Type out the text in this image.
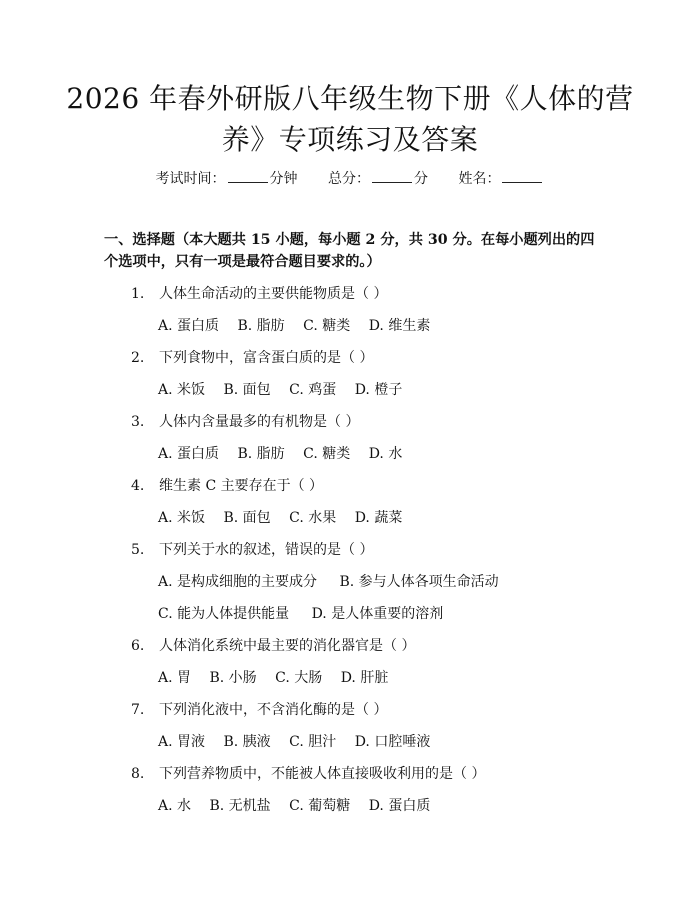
2026 年春外研版八年级生物下册《人体的营
养》专项练习及答案
考试时间：	分钟 总分：	分 姓名：
一、选择题（本大题共 15 小题，每小题 2 分，共 30 分。在每小题列出的四个选项中，只有一项是最符合题目要求的。）
1. 人体生命活动的主要供能物质是（ ）
A. 蛋白质 B. 脂肪 C. 糖类 D. 维生素
2. 下列食物中，富含蛋白质的是（ ）
A. 米饭 B. 面包 C. 鸡蛋 D. 橙子
3. 人体内含量最多的有机物是（ ）
A. 蛋白质 B. 脂肪 C. 糖类 D. 水
4. 维生素 C 主要存在于（ ）
A. 米饭 B. 面包 C. 水果 D. 蔬菜
5. 下列关于水的叙述，错误的是（ ）
A. 是构成细胞的主要成分 B. 参与人体各项生命活动
C. 能为人体提供能量 D. 是人体重要的溶剂
6. 人体消化系统中最主要的消化器官是（ ）
A. 胃 B. 小肠 C. 大肠 D. 肝脏
7. 下列消化液中，不含消化酶的是（ ）
A. 胃液 B. 胰液 C. 胆汁 D. 口腔唾液
8. 下列营养物质中，不能被人体直接吸收利用的是（ ）
A. 水 B. 无机盐 C. 葡萄糖 D. 蛋白质
